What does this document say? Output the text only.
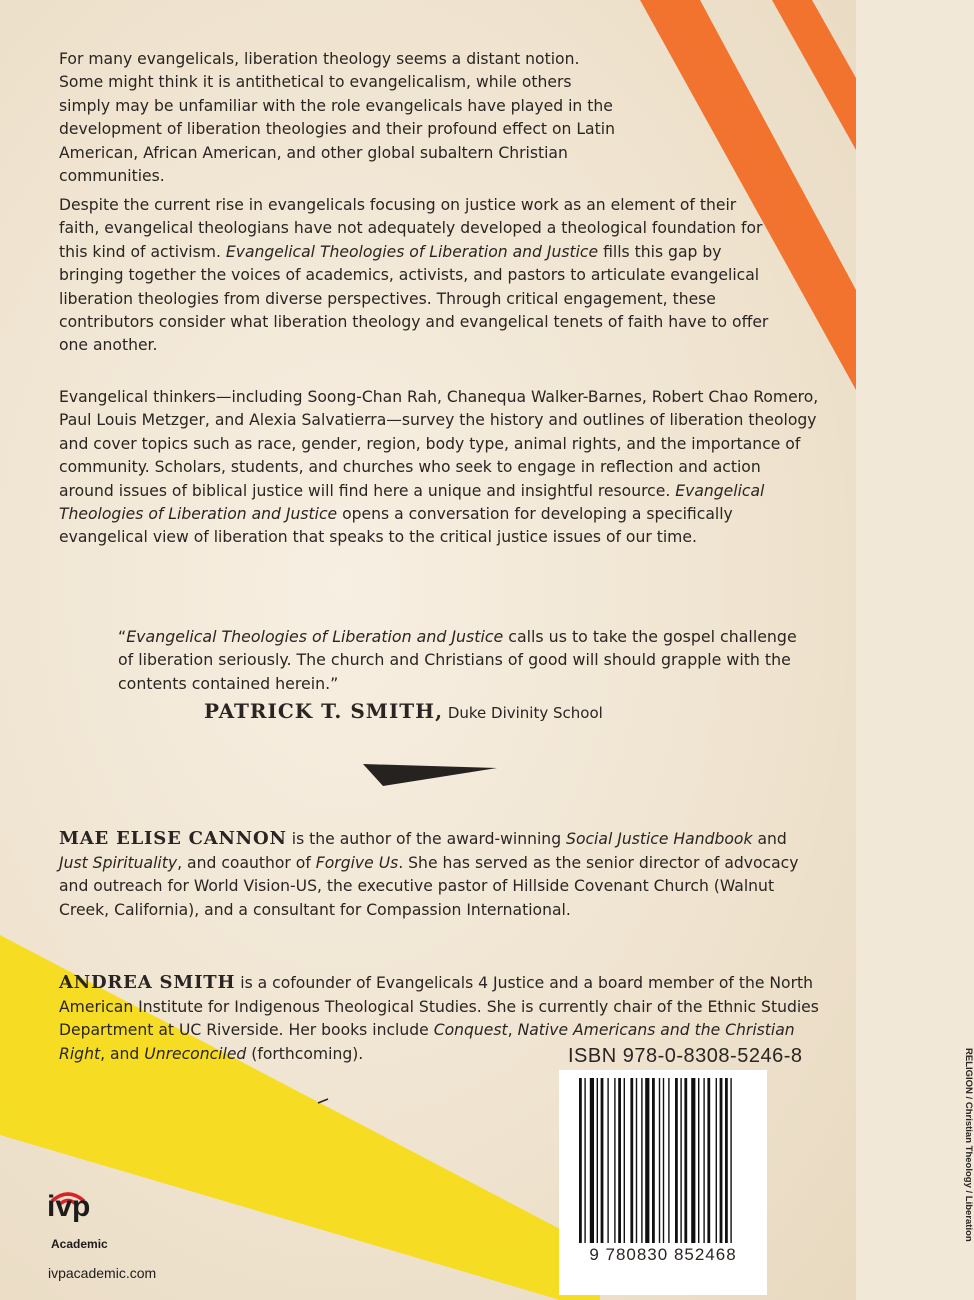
For many evangelicals, liberation theology seems a distant notion. Some might think it is antithetical to evangelicalism, while others simply may be unfamiliar with the role evangelicals have played in the development of liberation theologies and their profound effect on Latin American, African American, and other global subaltern Christian communities.

Despite the current rise in evangelicals focusing on justice work as an element of their faith, evangelical theologians have not adequately developed a theological foundation for this kind of activism. Evangelical Theologies of Liberation and Justice fills this gap by bringing together the voices of academics, activists, and pastors to articulate evangelical liberation theologies from diverse perspectives. Through critical engagement, these contributors consider what liberation theology and evangelical tenets of faith have to offer one another.

Evangelical thinkers—including Soong-Chan Rah, Chanequa Walker-Barnes, Robert Chao Romero, Paul Louis Metzger, and Alexia Salvatierra—survey the history and outlines of liberation theology and cover topics such as race, gender, region, body type, animal rights, and the importance of community. Scholars, students, and churches who seek to engage in reflection and action around issues of biblical justice will find here a unique and insightful resource. Evangelical Theologies of Liberation and Justice opens a conversation for developing a specifically evangelical view of liberation that speaks to the critical justice issues of our time.

“Evangelical Theologies of Liberation and Justice calls us to take the gospel challenge of liberation seriously. The church and Christians of good will should grapple with the contents contained herein.”

PATRICK T. SMITH, Duke Divinity School

MAE ELISE CANNON is the author of the award-winning Social Justice Handbook and Just Spirituality, and coauthor of Forgive Us. She has served as the senior director of advocacy and outreach for World Vision-US, the executive pastor of Hillside Covenant Church (Walnut Creek, California), and a consultant for Compassion International.

ANDREA SMITH is a cofounder of Evangelicals 4 Justice and a board member of the North American Institute for Indigenous Theological Studies. She is currently chair of the Ethnic Studies Department at UC Riverside. Her books include Conquest, Native Americans and the Christian Right, and Unreconciled (forthcoming).	ISBN 978-0-8308-5246-8

9 780830 852468

RELIGION / Christian Theology / Liberation

ivp

Academic

ivpacademic.com
